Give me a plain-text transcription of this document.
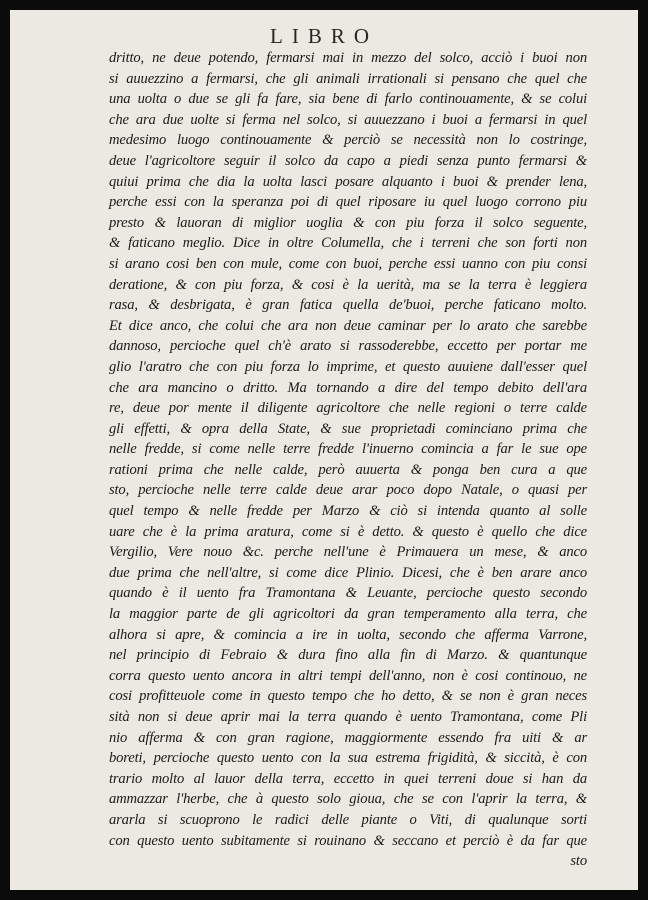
LIBRO
dritto, ne deue potendo, fermarsi mai in mezzo del solco, acciò i buoi non
si auuezzino a fermarsi, che gli animali irrationali si pensano che quel che
una uolta o due se gli fa fare, sia bene di farlo continouamente, & se colui
che ara due uolte si ferma nel solco, si auuezzano i buoi a fermarsi in quel
medesimo luogo continouamente & perciò se necessità non lo costringe,
deue l'agricoltore seguir il solco da capo a piedi senza punto fermarsi &
quiui prima che dia la uolta lasci posare alquanto i buoi & prender lena,
perche essi con la speranza poi di quel riposare iu quel luogo corrono piu
presto & lauoran di miglior uoglia & con piu forza il solco seguente,
& faticano meglio. Dice in oltre Columella, che i terreni che son forti non
si arano cosi ben con mule, come con buoi, perche essi uanno con piu consi
deratione, & con piu forza, & cosi è la uerità, ma se la terra è leggiera
rasa, & desbrigata, è gran fatica quella de'buoi, perche faticano molto.
Et dice anco, che colui che ara non deue caminar per lo arato che sarebbe
dannoso, percioche quel ch'è arato si rassoderebbe, eccetto per portar me
glio l'aratro che con piu forza lo imprime, et questo auuiene dall'esser quel
che ara mancino o dritto. Ma tornando a dire del tempo debito dell'ara
re, deue por mente il diligente agricoltore che nelle regioni o terre calde
gli effetti, & opra della State, & sue proprietadi cominciano prima che
nelle fredde, si come nelle terre fredde l'inuerno comincia a far le sue ope
rationi prima che nelle calde, però auuerta & ponga ben cura a que
sto, percioche nelle terre calde deue arar poco dopo Natale, o quasi per
quel tempo & nelle fredde per Marzo & ciò si intenda quanto al solle
uare che è la prima aratura, come si è detto. & questo è quello che dice
Vergilio, Vere nouo &c. perche nell'une è Primauera un mese, & anco
due prima che nell'altre, si come dice Plinio. Dicesi, che è ben arare anco
quando è il uento fra Tramontana & Leuante, percioche questo secondo
la maggior parte de gli agricoltori da gran temperamento alla terra, che
alhora si apre, & comincia a ire in uolta, secondo che afferma Varrone,
nel principio di Febraio & dura fino alla fin di Marzo. & quantunque
corra questo uento ancora in altri tempi dell'anno, non è cosi continouo, ne
cosi profitteuole come in questo tempo che ho detto, & se non è gran neces
sità non si deue aprir mai la terra quando è uento Tramontana, come Pli
nio afferma & con gran ragione, maggiormente essendo fra uiti & ar
boreti, percioche questo uento con la sua estrema frigidità, & siccità, è con
trario molto al lauor della terra, eccetto in quei terreni doue si han da
ammazzar l'herbe, che à questo solo gioua, che se con l'aprir la terra, &
ararla si scuoprono le radici delle piante o Viti, di qualunque sorti
con questo uento subitamente si rouinano & seccano et perciò è da far que
sto
